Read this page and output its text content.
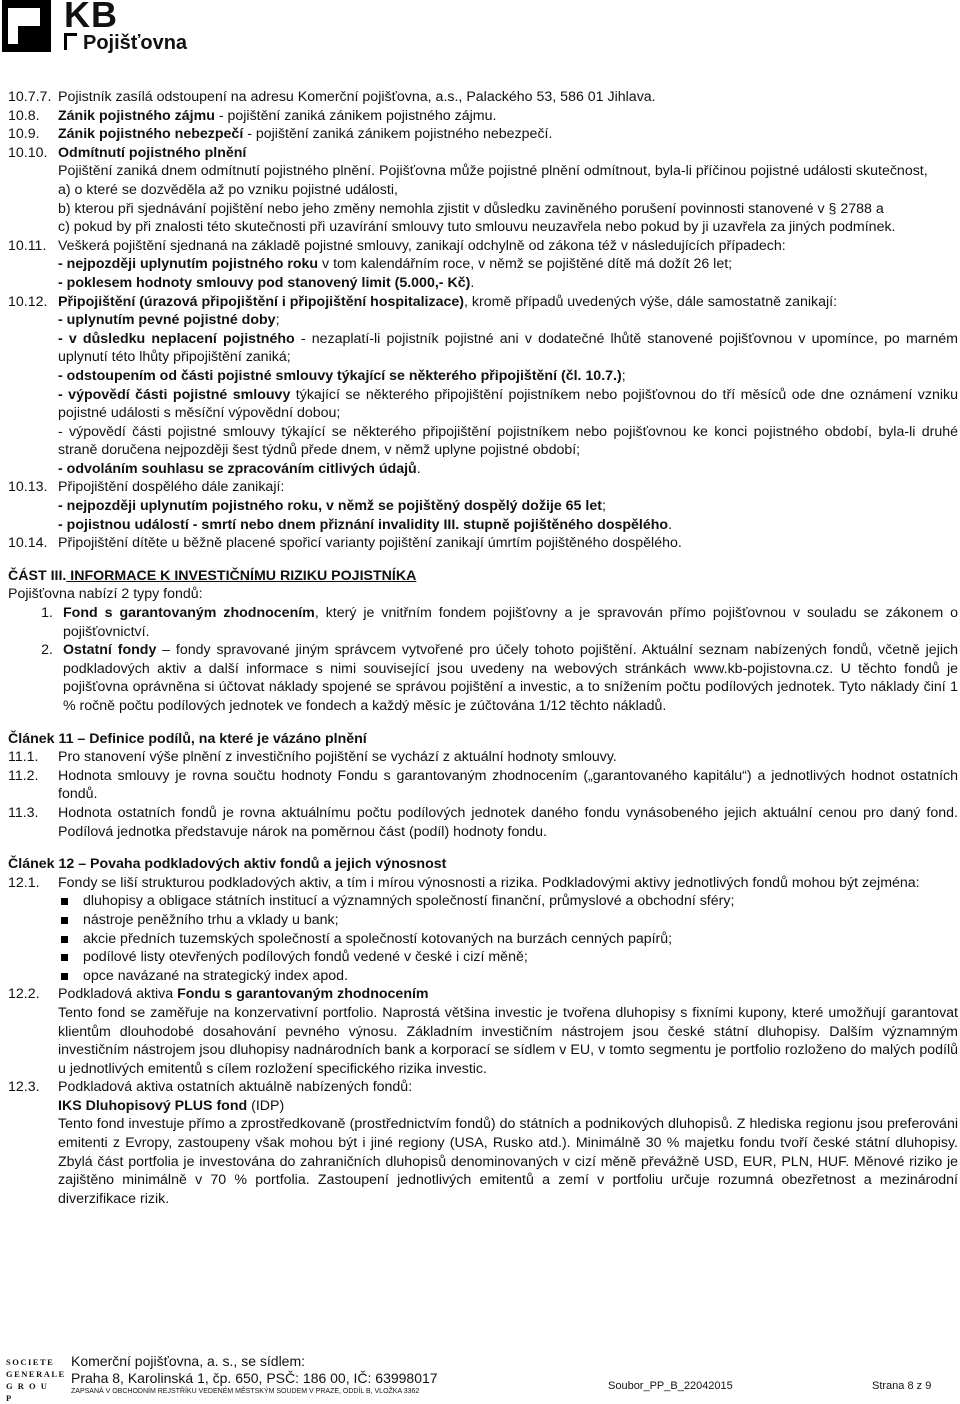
KB
Pojišťovna
10.7.7. Pojistník zasílá odstoupení na adresu Komerční pojišťovna, a.s., Palackého 53, 586 01 Jihlava.
10.8.	Zánik pojistného zájmu - pojištění zaniká zánikem pojistného zájmu.
10.9.	Zánik pojistného nebezpečí - pojištění zaniká zánikem pojistného nebezpečí.
10.10. Odmítnutí pojistného plnění
Pojištění zaniká dnem odmítnutí pojistného plnění. Pojišťovna může pojistné plnění odmítnout, byla-li příčinou pojistné události skutečnost,
a) o které se dozvěděla až po vzniku pojistné události,
b) kterou při sjednávání pojištění nebo jeho změny nemohla zjistit v důsledku zaviněného porušení povinnosti stanovené v § 2788 a
c) pokud by při znalosti této skutečnosti při uzavírání smlouvy tuto smlouvu neuzavřela nebo pokud by ji uzavřela za jiných podmínek.
10.11. Veškerá pojištění sjednaná na základě pojistné smlouvy, zanikají odchylně od zákona též v následujících případech:
- nejpozději uplynutím pojistného roku v tom kalendářním roce, v němž se pojištěné dítě má dožít 26 let;
- poklesem hodnoty smlouvy pod stanovený limit (5.000,- Kč).
10.12. Připojištění (úrazová připojištění i připojištění hospitalizace), kromě případů uvedených výše, dále samostatně zanikají:
- uplynutím pevné pojistné doby;
- v důsledku neplacení pojistného - nezaplatí-li pojistník pojistné ani v dodatečné lhůtě stanovené pojišťovnou v upomínce, po marném uplynutí této lhůty připojištění zaniká;
- odstoupením od části pojistné smlouvy týkající se některého připojištění (čl. 10.7.);
- výpovědí části pojistné smlouvy týkající se některého připojištění pojistníkem nebo pojišťovnou do tří měsíců ode dne oznámení vzniku pojistné události s měsíční výpovědní dobou;
- výpovědí části pojistné smlouvy týkající se některého připojištění pojistníkem nebo pojišťovnou ke konci pojistného období, byla-li druhé straně doručena nejpozději šest týdnů přede dnem, v němž uplyne pojistné období;
- odvoláním souhlasu se zpracováním citlivých údajů.
10.13. Připojištění dospělého dále zanikají:
- nejpozději uplynutím pojistného roku, v němž se pojištěný dospělý dožije 65 let;
- pojistnou událostí - smrtí nebo dnem přiznání invalidity III. stupně pojištěného dospělého.
10.14. Připojištění dítěte u běžně placené spořicí varianty pojištění zanikají úmrtím pojištěného dospělého.
ČÁST III. INFORMACE K INVESTIČNÍMU RIZIKU POJISTNÍKA
Pojišťovna nabízí 2 typy fondů:
1. Fond s garantovaným zhodnocením, který je vnitřním fondem pojišťovny a je spravován přímo pojišťovnou v souladu se zákonem o pojišťovnictví.
2. Ostatní fondy – fondy spravované jiným správcem vytvořené pro účely tohoto pojištění. Aktuální seznam nabízených fondů, včetně jejich podkladových aktiv a další informace s nimi související jsou uvedeny na webových stránkách www.kb-pojistovna.cz. U těchto fondů je pojišťovna oprávněna si účtovat náklady spojené se správou pojištění a investic, a to snížením počtu podílových jednotek. Tyto náklady činí 1 % ročně počtu podílových jednotek ve fondech a každý měsíc je zúčtována 1/12 těchto nákladů.
Článek 11 – Definice podílů, na které je vázáno plnění
11.1.	Pro stanovení výše plnění z investičního pojištění se vychází z aktuální hodnoty smlouvy.
11.2.	Hodnota smlouvy je rovna součtu hodnoty Fondu s garantovaným zhodnocením („garantovaného kapitálu“) a jednotlivých hodnot ostatních fondů.
11.3.	Hodnota ostatních fondů je rovna aktuálnímu počtu podílových jednotek daného fondu vynásobeného jejich aktuální cenou pro daný fond. Podílová jednotka představuje nárok na poměrnou část (podíl) hodnoty fondu.
Článek 12 – Povaha podkladových aktiv fondů a jejich výnosnost
12.1.	Fondy se liší strukturou podkladových aktiv, a tím i mírou výnosnosti a rizika. Podkladovými aktivy jednotlivých fondů mohou být zejména:
dluhopisy a obligace státních institucí a významných společností finanční, průmyslové a obchodní sféry;
nástroje peněžního trhu a vklady u bank;
akcie předních tuzemských společností a společností kotovaných na burzách cenných papírů;
podílové listy otevřených podílových fondů vedené v české i cizí měně;
opce navázané na strategický index apod.
12.2.	Podkladová aktiva Fondu s garantovaným zhodnocením
Tento fond se zaměřuje na konzervativní portfolio. Naprostá většina investic je tvořena dluhopisy s fixními kupony, které umožňují garantovat klientům dlouhodobé dosahování pevného výnosu. Základním investičním nástrojem jsou české státní dluhopisy. Dalším významným investičním nástrojem jsou dluhopisy nadnárodních bank a korporací se sídlem v EU, v tomto segmentu je portfolio rozloženo do malých podílů u jednotlivých emitentů s cílem rozložení specifického rizika investic.
12.3.	Podkladová aktiva ostatních aktuálně nabízených fondů:
IKS Dluhopisový PLUS fond (IDP)
Tento fond investuje přímo a zprostředkovaně (prostřednictvím fondů) do státních a podnikových dluhopisů. Z hlediska regionu jsou preferováni emitenti z Evropy, zastoupeny však mohou být i jiné regiony (USA, Rusko atd.). Minimálně 30 % majetku fondu tvoří české státní dluhopisy. Zbylá část portfolia je investována do zahraničních dluhopisů denominovaných v cizí měně převážně USD, EUR, PLN, HUF. Měnové riziko je zajištěno minimálně v 70 % portfolia. Zastoupení jednotlivých emitentů a zemí v portfoliu určuje rozumná obezřetnost a mezinárodní diverzifikace rizik.
SOCIETE
GENERALE
G R O U P
Komerční pojišťovna, a. s., se sídlem:
Praha 8, Karolinská 1, čp. 650, PSČ: 186 00, IČ: 63998017
ZAPSANÁ V OBCHODNÍM REJSTŘÍKU VEDENÉM MĚSTSKÝM SOUDEM V PRAZE, ODDÍL B, VLOŽKA 3362	Soubor_PP_B_22042015	Strana 8 z 9
